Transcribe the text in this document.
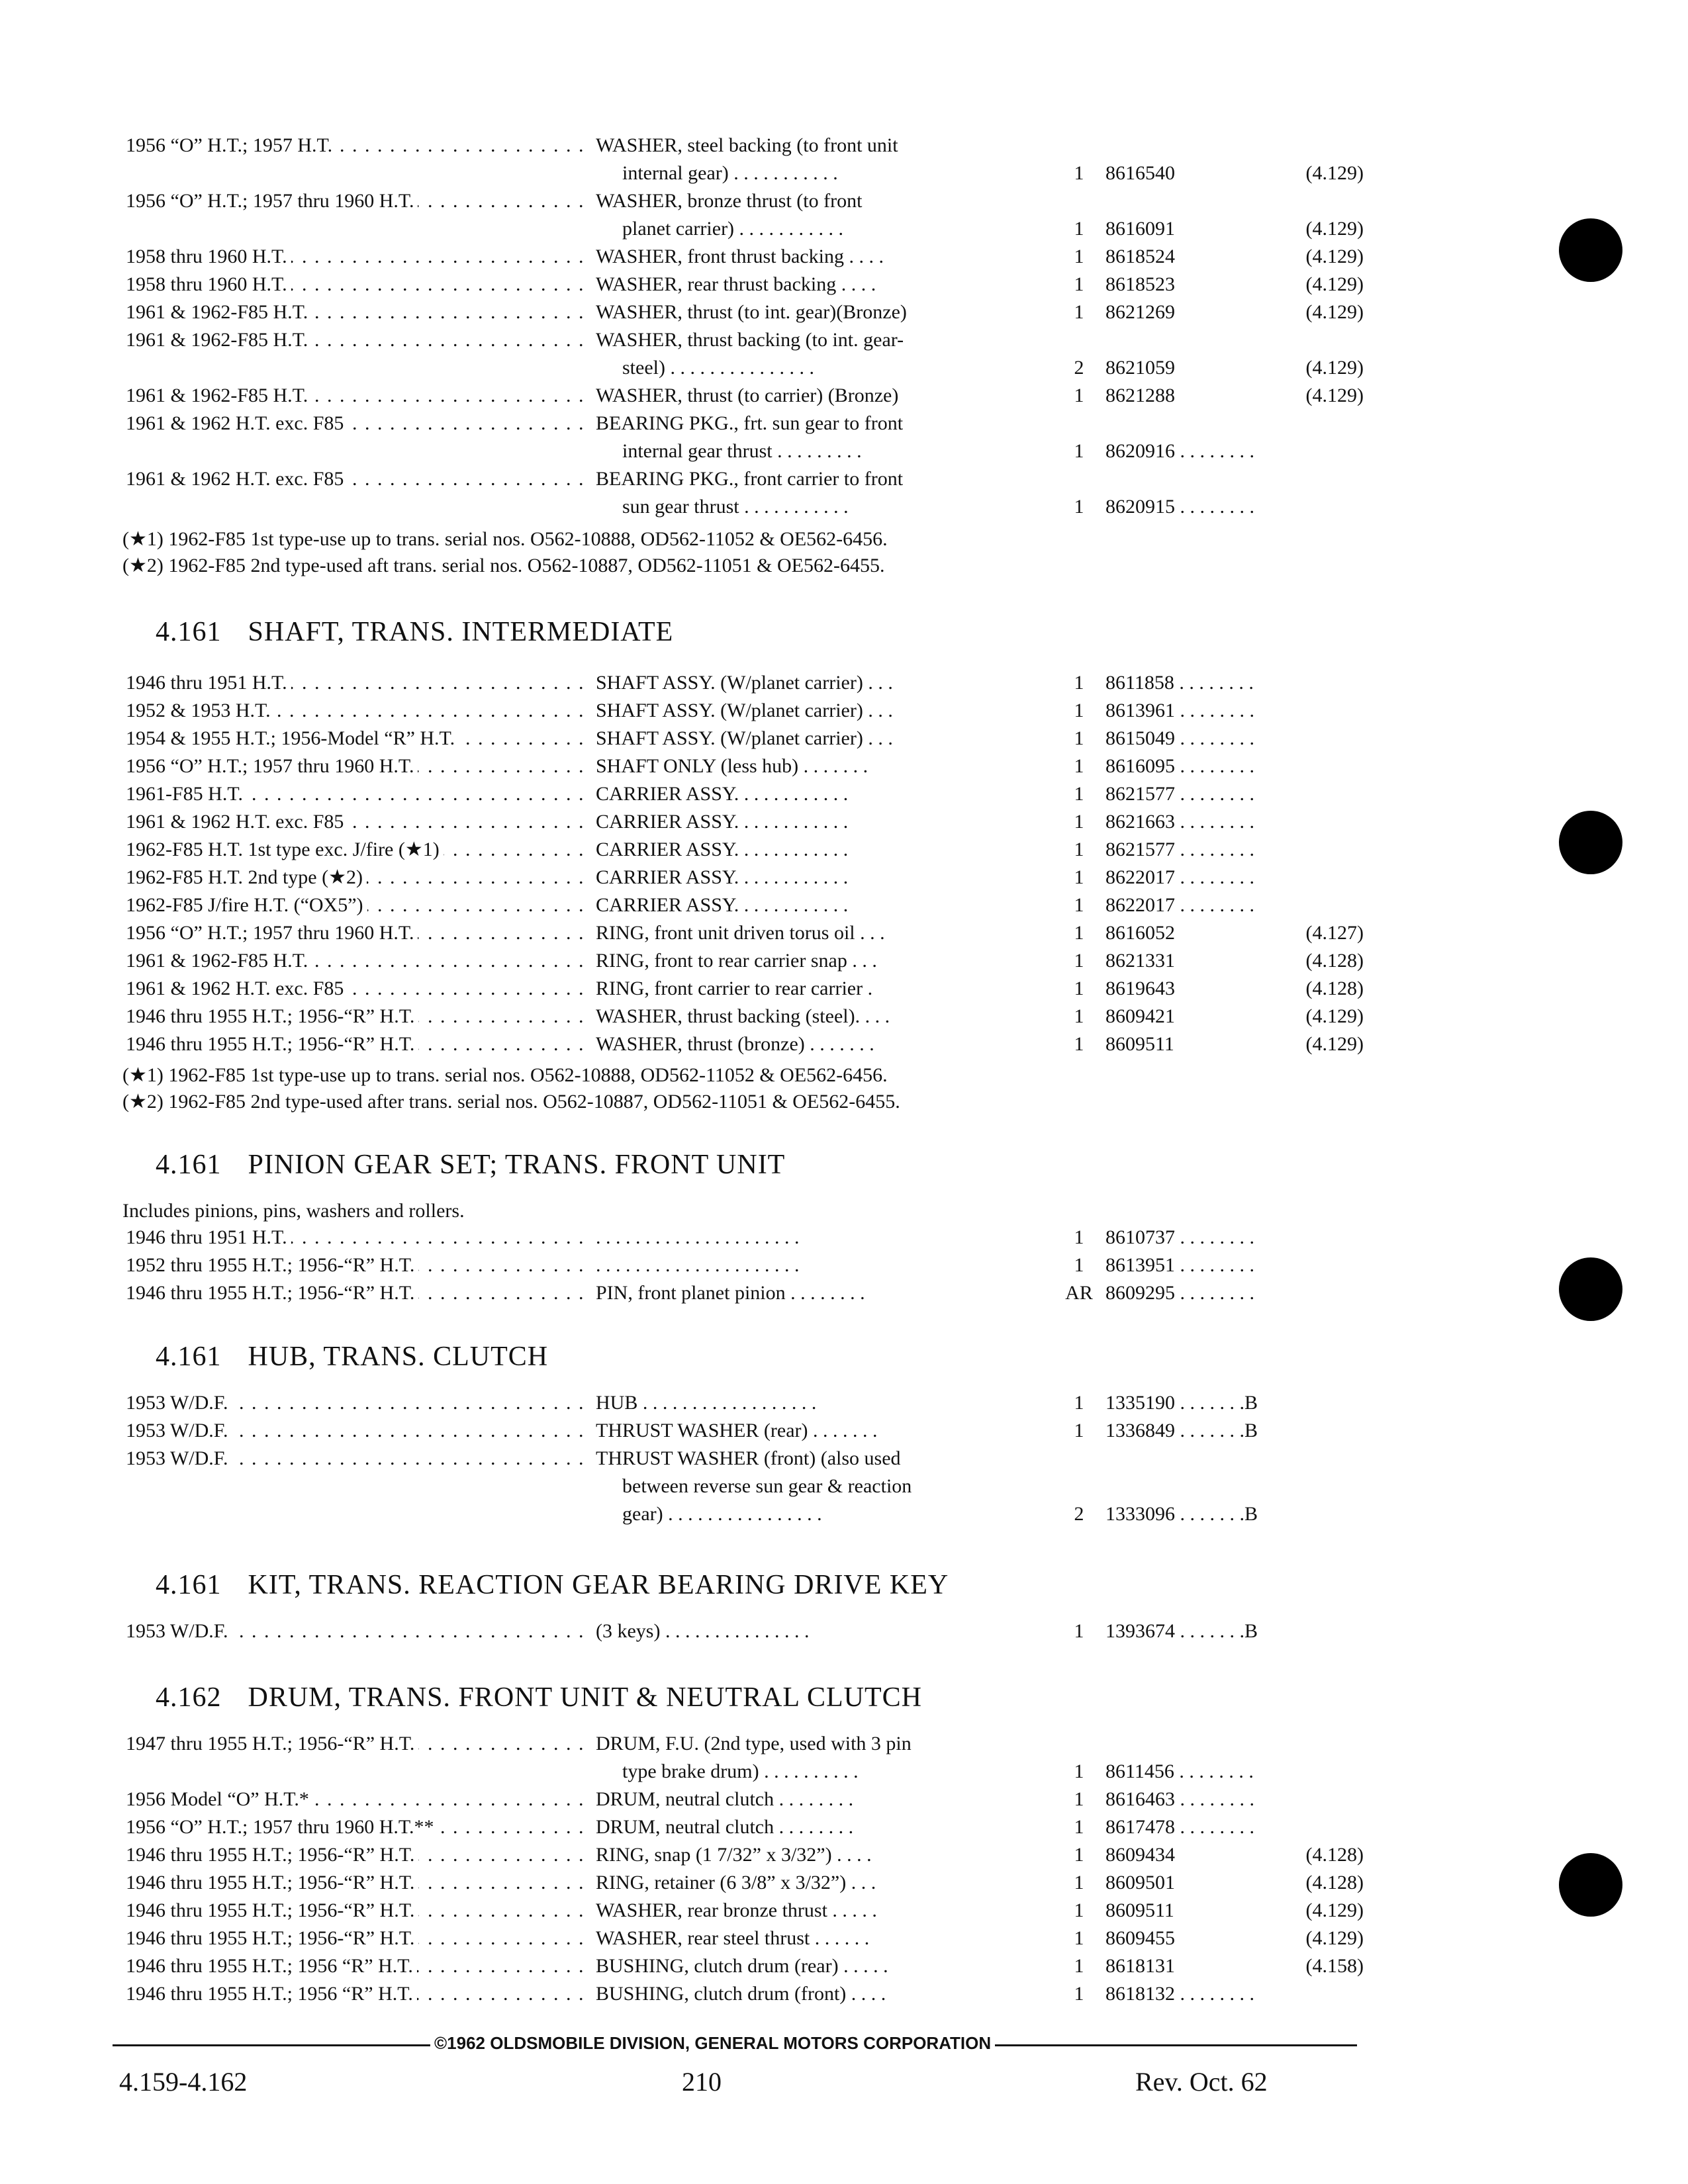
1956 “O” H.T.; 1957 H.T. . . .	WASHER, steel backing (to front unit
internal gear) . . . . . . . . . . .	1	8616540	(4.129)
1956 “O” H.T.; 1957 thru 1960 H.T. . . .	WASHER, bronze thrust (to front
planet carrier) . . . . . . . . . . .	1	8616091	(4.129)
1958 thru 1960 H.T. . . .	WASHER, front thrust backing . . . .	1	8618524	(4.129)
1958 thru 1960 H.T. . . .	WASHER, rear thrust backing . . . .	1	8618523	(4.129)
1961 & 1962-F85 H.T. . . .	WASHER, thrust (to int. gear)(Bronze)	1	8621269	(4.129)
1961 & 1962-F85 H.T. . . .	WASHER, thrust backing (to int. gear-
steel) . . . . . . . . . . . . . . .	2	8621059	(4.129)
1961 & 1962-F85 H.T. . . .	WASHER, thrust (to carrier) (Bronze)	1	8621288	(4.129)
1961 & 1962 H.T. exc. F85 . . .	BEARING PKG., frt. sun gear to front
internal gear thrust . . . . . . . . .	1	8620916 . . . . . . . .
1961 & 1962 H.T. exc. F85 . . .	BEARING PKG., front carrier to front
sun gear thrust . . . . . . . . . . .	1	8620915 . . . . . . . .
(★1) 1962-F85 1st type-use up to trans. serial nos. O562-10888, OD562-11052 & OE562-6456.
(★2) 1962-F85 2nd type-used aft trans. serial nos. O562-10887, OD562-11051 & OE562-6455.
4.161 SHAFT, TRANS. INTERMEDIATE
1946 thru 1951 H.T. . . .	SHAFT ASSY. (W/planet carrier) . . .	1	8611858 . . . . . . . .
1952 & 1953 H.T. . . .	SHAFT ASSY. (W/planet carrier) . . .	1	8613961 . . . . . . . .
1954 & 1955 H.T.; 1956-Model “R” H.T. . . .	SHAFT ASSY. (W/planet carrier) . . .	1	8615049 . . . . . . . .
1956 “O” H.T.; 1957 thru 1960 H.T. . . .	SHAFT ONLY (less hub) . . . . . . .	1	8616095 . . . . . . . .
1961-F85 H.T. . . .	CARRIER ASSY. . . . . . . . . . . .	1	8621577 . . . . . . . .
1961 & 1962 H.T. exc. F85 . . .	CARRIER ASSY. . . . . . . . . . . .	1	8621663 . . . . . . . .
1962-F85 H.T. 1st type exc. J/fire (★1) . . .	CARRIER ASSY. . . . . . . . . . . .	1	8621577 . . . . . . . .
1962-F85 H.T. 2nd type (★2) . . .	CARRIER ASSY. . . . . . . . . . . .	1	8622017 . . . . . . . .
1962-F85 J/fire H.T. (“OX5”) . . .	CARRIER ASSY. . . . . . . . . . . .	1	8622017 . . . . . . . .
1956 “O” H.T.; 1957 thru 1960 H.T. . . .	RING, front unit driven torus oil . . .	1	8616052	(4.127)
1961 & 1962-F85 H.T. . . .	RING, front to rear carrier snap . . .	1	8621331	(4.128)
1961 & 1962 H.T. exc. F85 . . .	RING, front carrier to rear carrier .	1	8619643	(4.128)
1946 thru 1955 H.T.; 1956-“R” H.T. . . .	WASHER, thrust backing (steel). . . .	1	8609421	(4.129)
1946 thru 1955 H.T.; 1956-“R” H.T. . . .	WASHER, thrust (bronze) . . . . . . .	1	8609511	(4.129)
(★1) 1962-F85 1st type-use up to trans. serial nos. O562-10888, OD562-11052 & OE562-6456.
(★2) 1962-F85 2nd type-used after trans. serial nos. O562-10887, OD562-11051 & OE562-6455.
4.161 PINION GEAR SET; TRANS. FRONT UNIT
Includes pinions, pins, washers and rollers.
1946 thru 1951 H.T. . . .	. . . . . . . . . . . . . . . . . . . . .	1	8610737 . . . . . . . .
1952 thru 1955 H.T.; 1956-“R” H.T. . . .	. . . . . . . . . . . . . . . . . . . . .	1	8613951 . . . . . . . .
1946 thru 1955 H.T.; 1956-“R” H.T. . . .	PIN, front planet pinion . . . . . . . .	AR 8609295 . . . . . . . .
4.161 HUB, TRANS. CLUTCH
1953 W/D.F. . . .	HUB . . . . . . . . . . . . . . . . . .	1	1335190 . . . . . . .B
1953 W/D.F. . . .	THRUST WASHER (rear) . . . . . . .	1	1336849 . . . . . . .B
1953 W/D.F. . . .	THRUST WASHER (front) (also used
between reverse sun gear & reaction
gear) . . . . . . . . . . . . . . . .	2	1333096 . . . . . . .B
4.161 KIT, TRANS. REACTION GEAR BEARING DRIVE KEY
1953 W/D.F. . . .	(3 keys) . . . . . . . . . . . . . . .	1	1393674 . . . . . . .B
4.162 DRUM, TRANS. FRONT UNIT & NEUTRAL CLUTCH
1947 thru 1955 H.T.; 1956-“R” H.T. . . .	DRUM, F.U. (2nd type, used with 3 pin
type brake drum) . . . . . . . . . .	1	8611456 . . . . . . . .
1956 Model “O” H.T.* . . .	DRUM, neutral clutch . . . . . . . .	1	8616463 . . . . . . . .
1956 “O” H.T.; 1957 thru 1960 H.T.** . . .	DRUM, neutral clutch . . . . . . . .	1	8617478 . . . . . . . .
1946 thru 1955 H.T.; 1956-“R” H.T. . . .	RING, snap (1 7/32” x 3/32”) . . . .	1	8609434	(4.128)
1946 thru 1955 H.T.; 1956-“R” H.T. . . .	RING, retainer (6 3/8” x 3/32”) . . .	1	8609501	(4.128)
1946 thru 1955 H.T.; 1956-“R” H.T. . . .	WASHER, rear bronze thrust . . . . .	1	8609511	(4.129)
1946 thru 1955 H.T.; 1956-“R” H.T. . . .	WASHER, rear steel thrust . . . . . .	1	8609455	(4.129)
1946 thru 1955 H.T.; 1956 “R” H.T. . . .	BUSHING, clutch drum (rear) . . . . .	1	8618131	(4.158)
1946 thru 1955 H.T.; 1956 “R” H.T. . . .	BUSHING, clutch drum (front) . . . .	1	8618132 . . . . . . . .
©1962 OLDSMOBILE DIVISION, GENERAL MOTORS CORPORATION
4.159-4.162	210	Rev. Oct. 62
